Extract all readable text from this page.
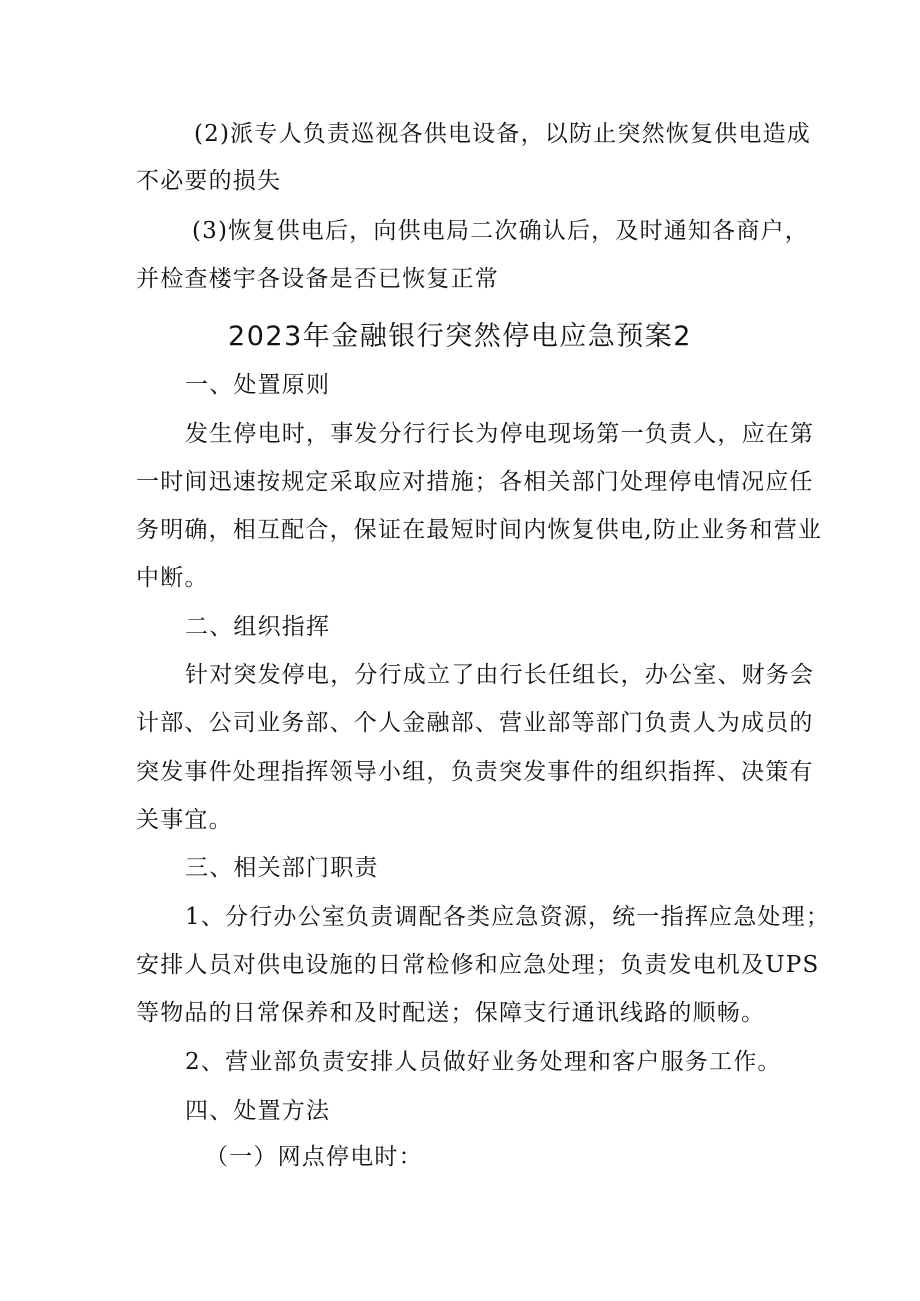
(2)派专人负责巡视各供电设备，以防止突然恢复供电造成
不必要的损失
(3)恢复供电后，向供电局二次确认后，及时通知各商户，
并检查楼宇各设备是否已恢复正常
2023年金融银行突然停电应急预案2
一、处置原则
发生停电时，事发分行行长为停电现场第一负责人，应在第
一时间迅速按规定采取应对措施；各相关部门处理停电情况应任
务明确，相互配合，保证在最短时间内恢复供电,防止业务和营业
中断。
二、组织指挥
针对突发停电，分行成立了由行长任组长，办公室、财务会
计部、公司业务部、个人金融部、营业部等部门负责人为成员的
突发事件处理指挥领导小组，负责突发事件的组织指挥、决策有
关事宜。
三、相关部门职责
1、分行办公室负责调配各类应急资源，统一指挥应急处理；
安排人员对供电设施的日常检修和应急处理；负责发电机及UPS
等物品的日常保养和及时配送；保障支行通讯线路的顺畅。
2、营业部负责安排人员做好业务处理和客户服务工作。
四、处置方法
（一）网点停电时：
